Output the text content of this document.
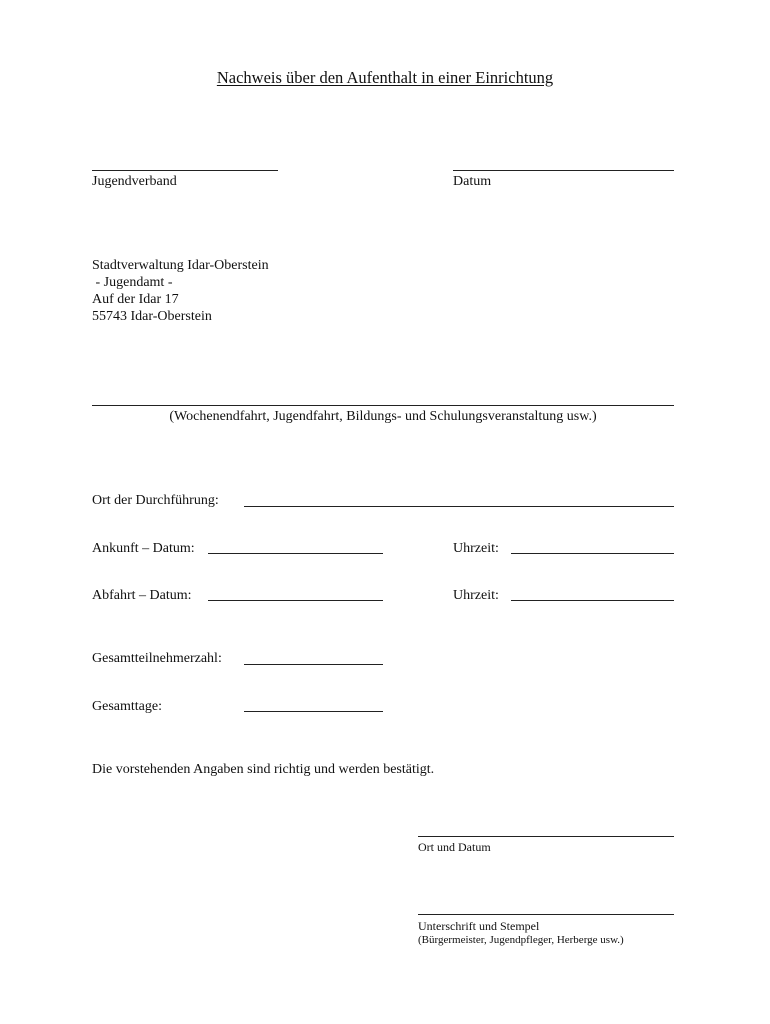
Nachweis über den Aufenthalt in einer Einrichtung
Jugendverband	Datum
Stadtverwaltung Idar-Oberstein
- Jugendamt -
Auf der Idar 17
55743 Idar-Oberstein
(Wochenendfahrt, Jugendfahrt, Bildungs- und Schulungsveranstaltung usw.)
Ort der Durchführung:
Ankunft – Datum:	Uhrzeit:
Abfahrt – Datum:	Uhrzeit:
Gesamtteilnehmerzahl:
Gesamttage:
Die vorstehenden Angaben sind richtig und werden bestätigt.
Ort und Datum
Unterschrift und Stempel
(Bürgermeister, Jugendpfleger, Herberge usw.)
